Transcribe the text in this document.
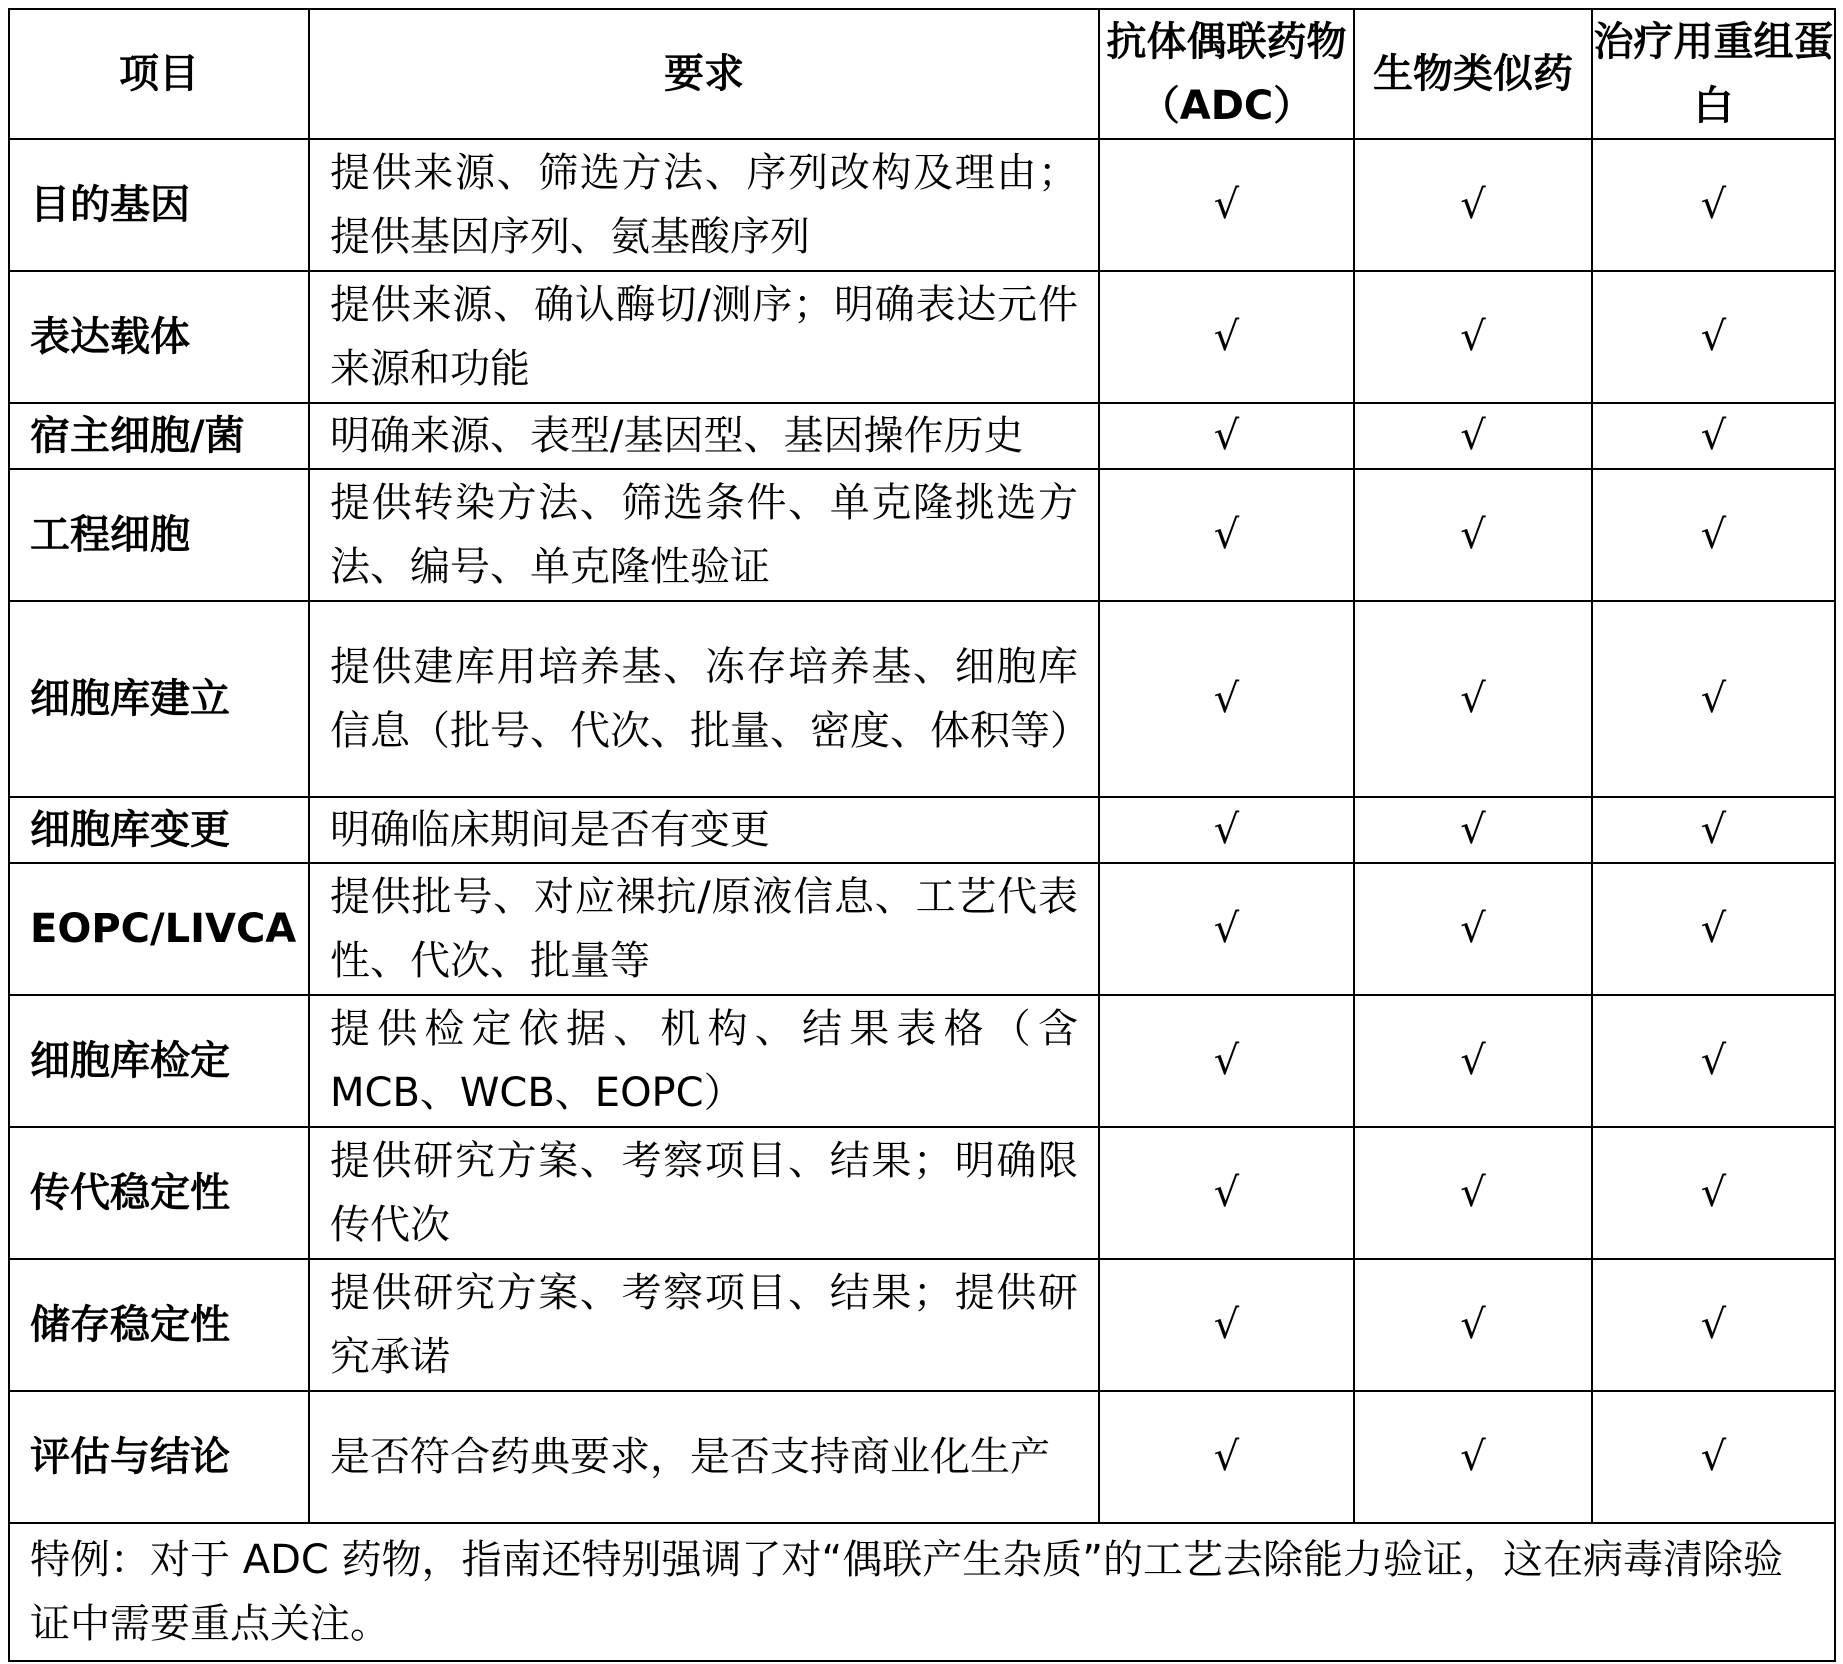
项目	要求	抗体偶联药物（ADC）	生物类似药	治疗用重组蛋白
目的基因	提供来源、筛选方法、序列改构及理由；提供基因序列、氨基酸序列	√	√	√
表达载体	提供来源、确认酶切/测序；明确表达元件来源和功能	√	√	√
宿主细胞/菌	明确来源、表型/基因型、基因操作历史	√	√	√
工程细胞	提供转染方法、筛选条件、单克隆挑选方法、编号、单克隆性验证	√	√	√
细胞库建立	提供建库用培养基、冻存培养基、细胞库信息（批号、代次、批量、密度、体积等）	√	√	√
细胞库变更	明确临床期间是否有变更	√	√	√
EOPC/LIVCA	提供批号、对应裸抗/原液信息、工艺代表性、代次、批量等	√	√	√
细胞库检定	提供检定依据、机构、结果表格（含MCB、WCB、EOPC）	√	√	√
传代稳定性	提供研究方案、考察项目、结果；明确限传代次	√	√	√
储存稳定性	提供研究方案、考察项目、结果；提供研究承诺	√	√	√
评估与结论	是否符合药典要求，是否支持商业化生产	√	√	√
特例：对于 ADC 药物，指南还特别强调了对“偶联产生杂质”的工艺去除能力验证，这在病毒清除验证中需要重点关注。				
